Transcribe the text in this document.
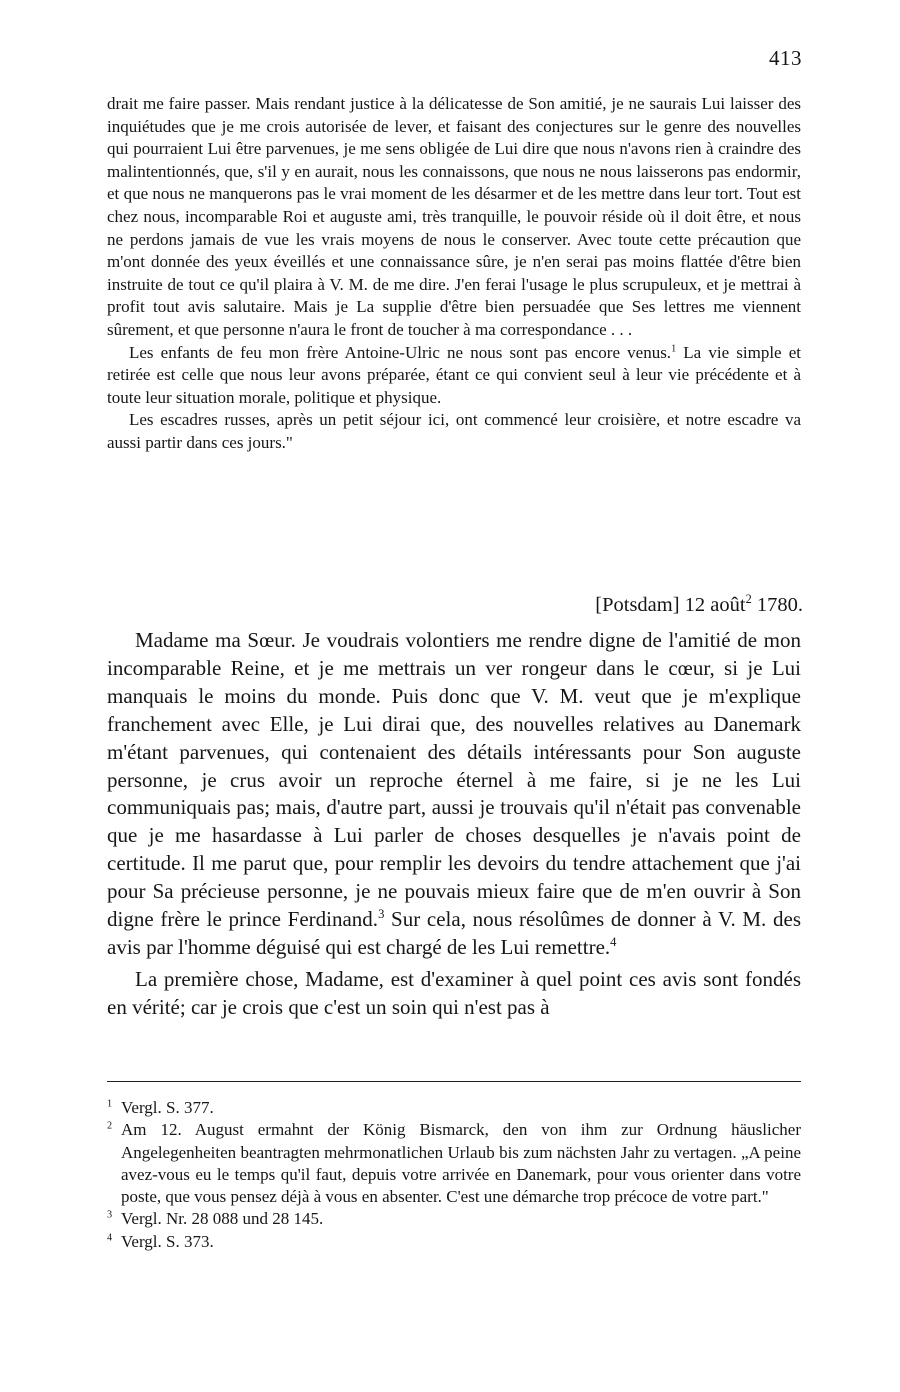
413

drait me faire passer. Mais rendant justice à la délicatesse de Son amitié, je ne saurais Lui laisser des inquiétudes que je me crois autorisée de lever, et faisant des conjectures sur le genre des nouvelles qui pourraient Lui être parvenues, je me sens obligée de Lui dire que nous n'avons rien à craindre des malintentionnés, que, s'il y en aurait, nous les connaissons, que nous ne nous laisserons pas endormir, et que nous ne manquerons pas le vrai moment de les désarmer et de les mettre dans leur tort. Tout est chez nous, incomparable Roi et auguste ami, très tranquille, le pouvoir réside où il doit être, et nous ne perdons jamais de vue les vrais moyens de nous le conserver. Avec toute cette précaution que m'ont donnée des yeux éveillés et une connaissance sûre, je n'en serai pas moins flattée d'être bien instruite de tout ce qu'il plaira à V. M. de me dire. J'en ferai l'usage le plus scrupuleux, et je mettrai à profit tout avis salutaire. Mais je La supplie d'être bien persuadée que Ses lettres me viennent sûrement, et que personne n'aura le front de toucher à ma correspondance . . .

Les enfants de feu mon frère Antoine-Ulric ne nous sont pas encore venus.$^1$ La vie simple et retirée est celle que nous leur avons préparée, étant ce qui convient seul à leur vie précédente et à toute leur situation morale, politique et physique.

Les escadres russes, après un petit séjour ici, ont commencé leur croisière, et notre escadre va aussi partir dans ces jours."

[Potsdam] 12 août$^2$ 1780.

Madame ma Sœur. Je voudrais volontiers me rendre digne de l'amitié de mon incomparable Reine, et je me mettrais un ver rongeur dans le cœur, si je Lui manquais le moins du monde. Puis donc que V. M. veut que je m'explique franchement avec Elle, je Lui dirai que, des nouvelles relatives au Danemark m'étant parvenues, qui contenaient des détails intéressants pour Son auguste personne, je crus avoir un reproche éternel à me faire, si je ne les Lui communiquais pas; mais, d'autre part, aussi je trouvais qu'il n'était pas convenable que je me hasardasse à Lui parler de choses desquelles je n'avais point de certitude. Il me parut que, pour remplir les devoirs du tendre attachement que j'ai pour Sa précieuse personne, je ne pouvais mieux faire que de m'en ouvrir à Son digne frère le prince Ferdinand.$^3$ Sur cela, nous résolûmes de donner à V. M. des avis par l'homme déguisé qui est chargé de les Lui remettre.$^4$

La première chose, Madame, est d'examiner à quel point ces avis sont fondés en vérité; car je crois que c'est un soin qui n'est pas à

$^1$ Vergl. S. 377.

$^2$ Am 12. August ermahnt der König Bismarck, den von ihm zur Ordnung häuslicher Angelegenheiten beantragten mehrmonatlichen Urlaub bis zum nächsten Jahr zu vertagen. „A peine avez-vous eu le temps qu'il faut, depuis votre arrivée en Danemark, pour vous orienter dans votre poste, que vous pensez déjà à vous en absenter. C'est une démarche trop précoce de votre part."

$^3$ Vergl. Nr. 28 088 und 28 145.

$^4$ Vergl. S. 373.
